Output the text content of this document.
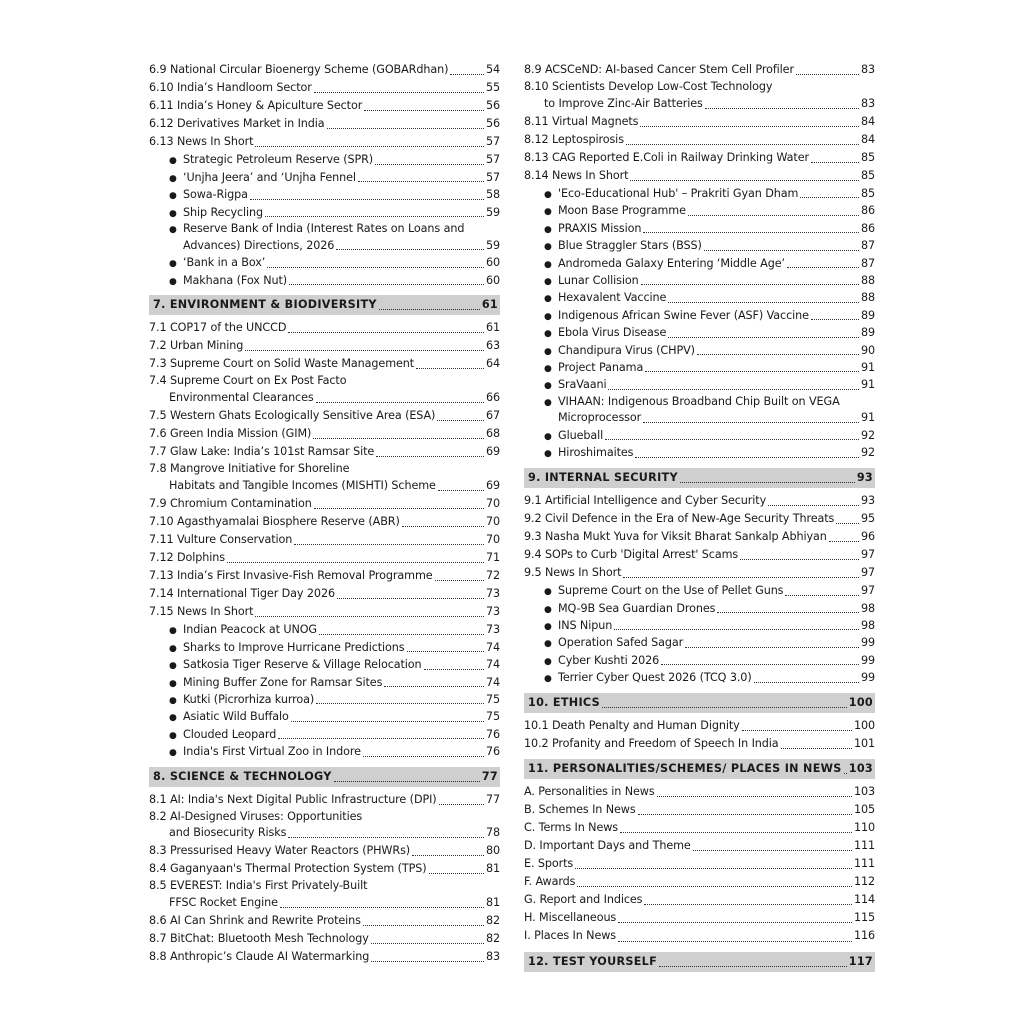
6.9 National Circular Bioenergy Scheme (GOBARdhan)	54
6.10 India’s Handloom Sector	55
6.11 India’s Honey & Apiculture Sector	56
6.12 Derivatives Market in India	56
6.13 News In Short	57
● Strategic Petroleum Reserve (SPR)	57
● ‘Unjha Jeera’ and ‘Unjha Fennel	57
● Sowa-Rigpa	58
● Ship Recycling	59
● Reserve Bank of India (Interest Rates on Loans and
Advances) Directions, 2026	59
● ‘Bank in a Box’	60
● Makhana (Fox Nut)	60
7. ENVIRONMENT & BIODIVERSITY	61
7.1 COP17 of the UNCCD	61
7.2 Urban Mining	63
7.3 Supreme Court on Solid Waste Management	64
7.4 Supreme Court on Ex Post Facto
Environmental Clearances	66
7.5 Western Ghats Ecologically Sensitive Area (ESA)	67
7.6 Green India Mission (GIM)	68
7.7 Glaw Lake: India’s 101st Ramsar Site	69
7.8 Mangrove Initiative for Shoreline
Habitats and Tangible Incomes (MISHTI) Scheme	69
7.9 Chromium Contamination	70
7.10 Agasthyamalai Biosphere Reserve (ABR)	70
7.11 Vulture Conservation	70
7.12 Dolphins	71
7.13 India’s First Invasive-Fish Removal Programme	72
7.14 International Tiger Day 2026	73
7.15 News In Short	73
● Indian Peacock at UNOG	73
● Sharks to Improve Hurricane Predictions	74
● Satkosia Tiger Reserve & Village Relocation	74
● Mining Buffer Zone for Ramsar Sites	74
● Kutki (Picrorhiza kurroa)	75
● Asiatic Wild Buffalo	75
● Clouded Leopard	76
● India's First Virtual Zoo in Indore	76
8. SCIENCE & TECHNOLOGY	77
8.1 AI: India's Next Digital Public Infrastructure (DPI)	77
8.2 AI-Designed Viruses: Opportunities
and Biosecurity Risks	78
8.3 Pressurised Heavy Water Reactors (PHWRs)	80
8.4 Gaganyaan's Thermal Protection System (TPS)	81
8.5 EVEREST: India's First Privately-Built
FFSC Rocket Engine	81
8.6 AI Can Shrink and Rewrite Proteins	82
8.7 BitChat: Bluetooth Mesh Technology	82
8.8 Anthropic’s Claude AI Watermarking	83
8.9 ACSCeND: AI-based Cancer Stem Cell Profiler	83
8.10 Scientists Develop Low-Cost Technology
to Improve Zinc-Air Batteries	83
8.11 Virtual Magnets	84
8.12 Leptospirosis	84
8.13 CAG Reported E.Coli in Railway Drinking Water	85
8.14 News In Short	85
● 'Eco-Educational Hub' – Prakriti Gyan Dham	85
● Moon Base Programme	86
● PRAXIS Mission	86
● Blue Straggler Stars (BSS)	87
● Andromeda Galaxy Entering ‘Middle Age’	87
● Lunar Collision	88
● Hexavalent Vaccine	88
● Indigenous African Swine Fever (ASF) Vaccine	89
● Ebola Virus Disease	89
● Chandipura Virus (CHPV)	90
● Project Panama	91
● SraVaani	91
● VIHAAN: Indigenous Broadband Chip Built on VEGA
Microprocessor	91
● Glueball	92
● Hiroshimaites	92
9. INTERNAL SECURITY	93
9.1 Artificial Intelligence and Cyber Security	93
9.2 Civil Defence in the Era of New-Age Security Threats 95
9.3 Nasha Mukt Yuva for Viksit Bharat Sankalp Abhiyan	96
9.4 SOPs to Curb 'Digital Arrest' Scams	97
9.5 News In Short	97
● Supreme Court on the Use of Pellet Guns	97
● MQ-9B Sea Guardian Drones	98
● INS Nipun	98
● Operation Safed Sagar	99
● Cyber Kushti 2026	99
● Terrier Cyber Quest 2026 (TCQ 3.0)	99
10. ETHICS	100
10.1 Death Penalty and Human Dignity	100
10.2 Profanity and Freedom of Speech In India	101
11. PERSONALITIES/SCHEMES/ PLACES IN NEWS 103
A. Personalities in News	103
B. Schemes In News	105
C. Terms In News	110
D. Important Days and Theme	111
E. Sports	111
F. Awards	112
G. Report and Indices	114
H. Miscellaneous	115
I. Places In News	116
12. TEST YOURSELF	117
